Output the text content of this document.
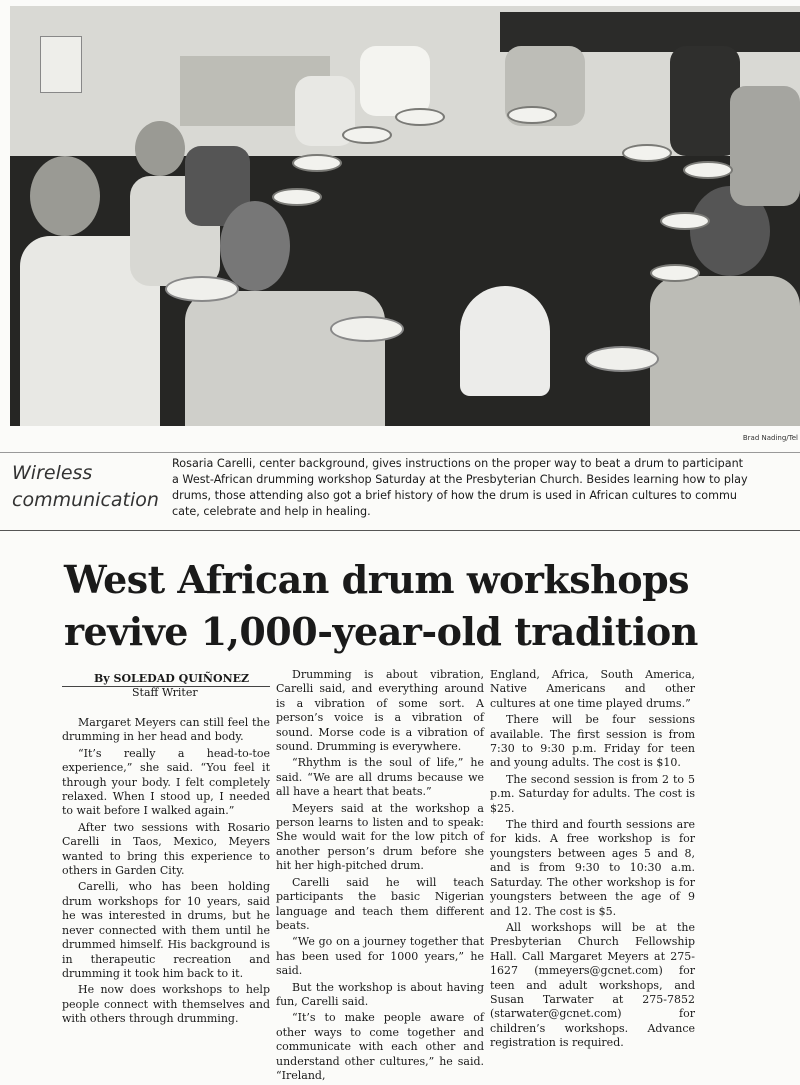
Brad Nading/Tel
Wireless
communication
Rosaria Carelli, center background, gives instructions on the proper way to beat a drum to participant
a West-African drumming workshop Saturday at the Presbyterian Church. Besides learning how to play
drums, those attending also got a brief history of how the drum is used in African cultures to commu
cate, celebrate and help in healing.
West African drum workshops
revive 1,000-year-old tradition
By SOLEDAD QUIÑONEZ
Staff Writer

Margaret Meyers can still feel the drumming in her head and body.

“It’s really a head-to-toe experience,” she said. “You feel it through your body. I felt completely relaxed. When I stood up, I needed to wait before I walked again.”

After two sessions with Rosario Carelli in Taos, Mexico, Meyers wanted to bring this experience to others in Garden City.

Carelli, who has been holding drum workshops for 10 years, said he was interested in drums, but he never connected with them until he drummed himself. His background is in therapeutic recreation and drumming it took him back to it.

He now does workshops to help people connect with themselves and with others through drumming.

Drumming is about vibration, Carelli said, and everything around is a vibration of some sort. A person’s voice is a vibration of sound. Morse code is a vibration of sound. Drumming is everywhere.

“Rhythm is the soul of life,” he said. “We are all drums because we all have a heart that beats.”

Meyers said at the workshop a person learns to listen and to speak: She would wait for the low pitch of another person’s drum before she hit her high-pitched drum.

Carelli said he will teach participants the basic Nigerian language and teach them different beats.

“We go on a journey together that has been used for 1000 years,” he said.

But the workshop is about having fun, Carelli said.

“It’s to make people aware of other ways to come together and communicate with each other and understand other cultures,” he said. “Ireland,

England, Africa, South America, Native Americans and other cultures at one time played drums.”

There will be four sessions available. The first session is from 7:30 to 9:30 p.m. Friday for teen and young adults. The cost is $10.

The second session is from 2 to 5 p.m. Saturday for adults. The cost is $25.

The third and fourth sessions are for kids. A free workshop is for youngsters between ages 5 and 8, and is from 9:30 to 10:30 a.m. Saturday. The other workshop is for youngsters between the age of 9 and 12. The cost is $5.

All workshops will be at the Presbyterian Church Fellowship Hall. Call Margaret Meyers at 275-1627 (mmeyers@gcnet.com) for teen and adult workshops, and Susan Tarwater at 275-7852 (starwater@gcnet.com) for children’s workshops. Advance registration is required.
